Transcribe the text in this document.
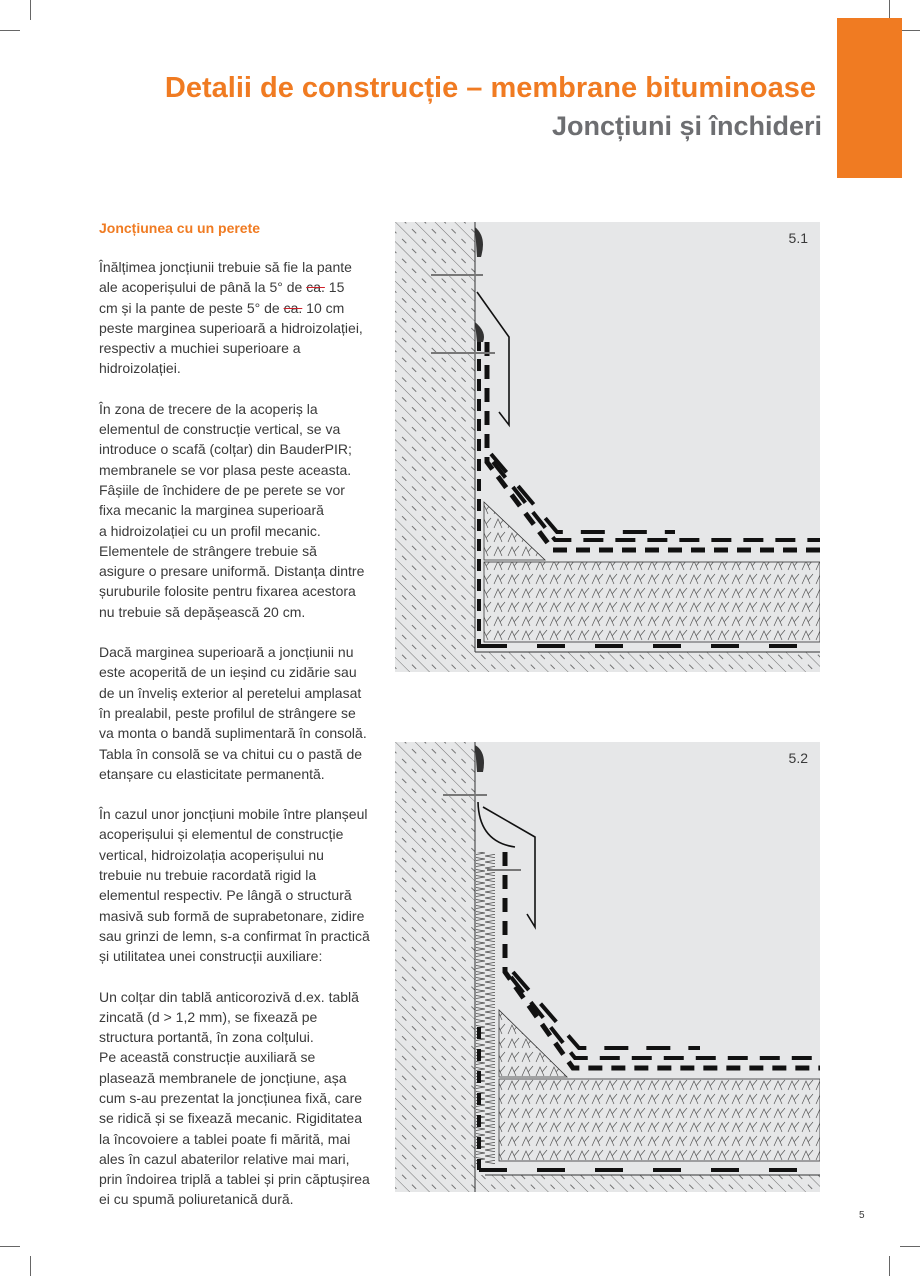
Detalii de construcție – membrane bituminoase
Joncțiuni și închideri
Joncțiunea cu un perete
Înălțimea joncțiunii trebuie să fie la pante
ale acoperișului de până la 5° de ca. 15
cm și la pante de peste 5° de ca. 10 cm
peste marginea superioară a hidroizolației,
respectiv a muchiei superioare a
hidroizolației.
În zona de trecere de la acoperiș la
elementul de construcție vertical, se va
introduce o scafă (colțar) din BauderPIR;
membranele se vor plasa peste aceasta.
Fâșiile de închidere de pe perete se vor
fixa mecanic la marginea superioară
a hidroizolației cu un profil mecanic.
Elementele de strângere trebuie să
asigure o presare uniformă. Distanța dintre
șuruburile folosite pentru fixarea acestora
nu trebuie să depășească 20 cm.
Dacă marginea superioară a joncțiunii nu
este acoperită de un ieșind cu zidărie sau
de un înveliș exterior al peretelui amplasat
în prealabil, peste profilul de strângere se
va monta o bandă suplimentară în consolă.
Tabla în consolă se va chitui cu o pastă de
etanșare cu elasticitate permanentă.
În cazul unor joncțiuni mobile între planșeul
acoperișului și elementul de construcție
vertical, hidroizolația acoperișului nu
trebuie nu trebuie racordată rigid la
elementul respectiv. Pe lângă o structură
masivă sub formă de suprabetonare, zidire
sau grinzi de lemn, s-a confirmat în practică
și utilitatea unei construcții auxiliare:
Un colțar din tablă anticorozivă d.ex. tablă
zincată (d > 1,2 mm), se fixează pe
structura portantă, în zona colțului.
Pe această construcție auxiliară se
plasează membranele de joncțiune, așa
cum s-au prezentat la joncțiunea fixă, care
se ridică și se fixează mecanic. Rigiditatea
la încovoiere a tablei poate fi mărită, mai
ales în cazul abaterilor relative mai mari,
prin îndoirea triplă a tablei și prin căptușirea
ei cu spumă poliuretanică dură.
5.1
5.2
5
